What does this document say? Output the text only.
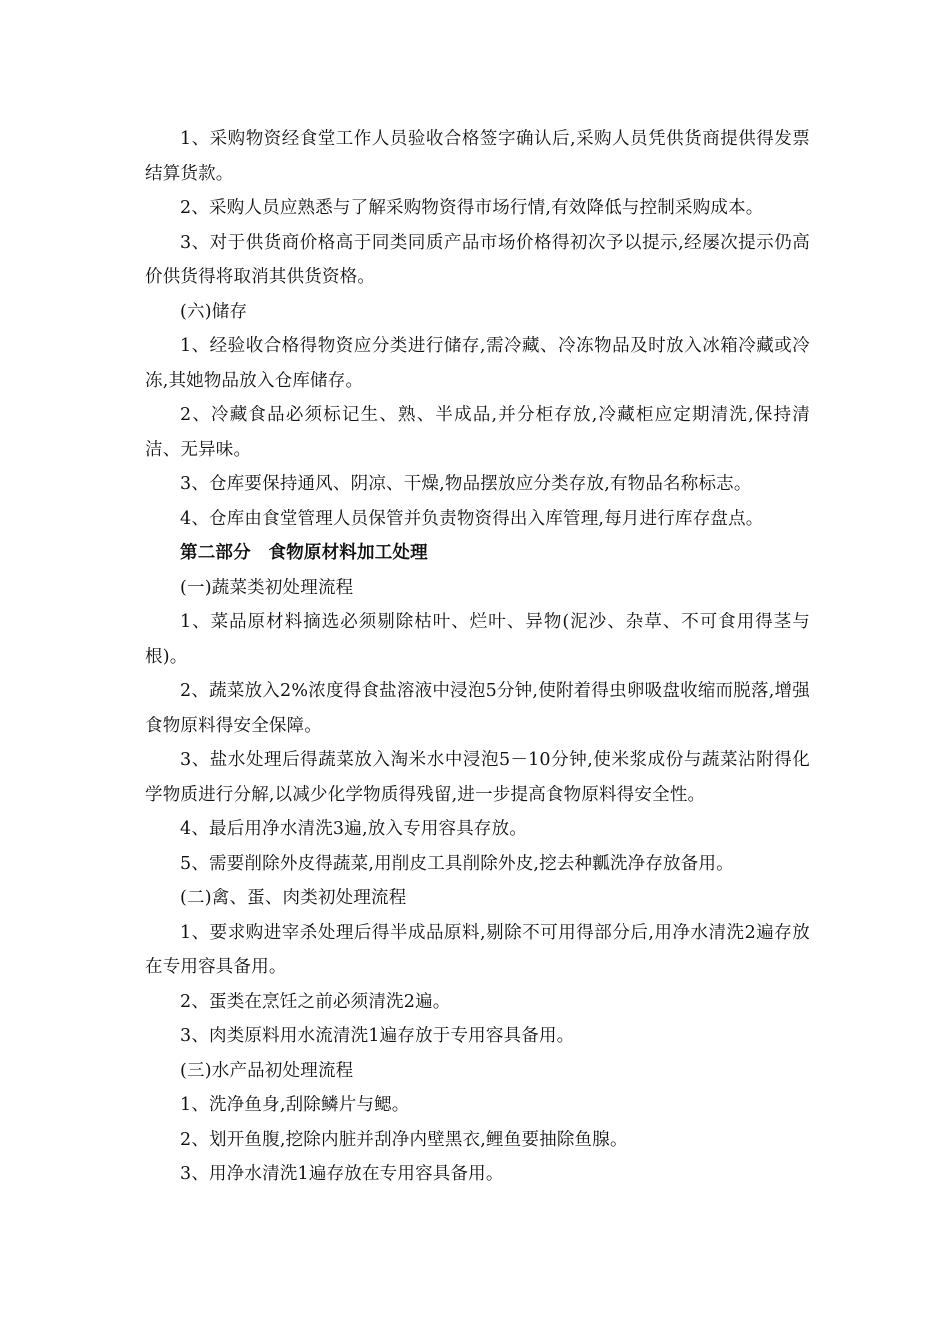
1、采购物资经食堂工作人员验收合格签字确认后,采购人员凭供货商提供得发票结算货款。

2、采购人员应熟悉与了解采购物资得市场行情,有效降低与控制采购成本。

3、对于供货商价格高于同类同质产品市场价格得初次予以提示,经屡次提示仍高价供货得将取消其供货资格。

(六)储存

1、经验收合格得物资应分类进行储存,需冷藏、冷冻物品及时放入冰箱冷藏或冷冻,其她物品放入仓库储存。

2、冷藏食品必须标记生、熟、半成品,并分柜存放,冷藏柜应定期清洗,保持清洁、无异味。

3、仓库要保持通风、阴凉、干燥,物品摆放应分类存放,有物品名称标志。

4、仓库由食堂管理人员保管并负责物资得出入库管理,每月进行库存盘点。

第二部分　食物原材料加工处理

(一)蔬菜类初处理流程

1、菜品原材料摘选必须剔除枯叶、烂叶、异物(泥沙、杂草、不可食用得茎与根)。

2、蔬菜放入2%浓度得食盐溶液中浸泡5分钟,使附着得虫卵吸盘收缩而脱落,增强食物原料得安全保障。

3、盐水处理后得蔬菜放入淘米水中浸泡5－10分钟,使米浆成份与蔬菜沾附得化学物质进行分解,以减少化学物质得残留,进一步提高食物原料得安全性。

4、最后用净水清洗3遍,放入专用容具存放。

5、需要削除外皮得蔬菜,用削皮工具削除外皮,挖去种瓤洗净存放备用。

(二)禽、蛋、肉类初处理流程

1、要求购进宰杀处理后得半成品原料,剔除不可用得部分后,用净水清洗2遍存放在专用容具备用。

2、蛋类在烹饪之前必须清洗2遍。

3、肉类原料用水流清洗1遍存放于专用容具备用。

(三)水产品初处理流程

1、洗净鱼身,刮除鳞片与鳃。

2、划开鱼腹,挖除内脏并刮净内壁黑衣,鲤鱼要抽除鱼腺。

3、用净水清洗1遍存放在专用容具备用。
